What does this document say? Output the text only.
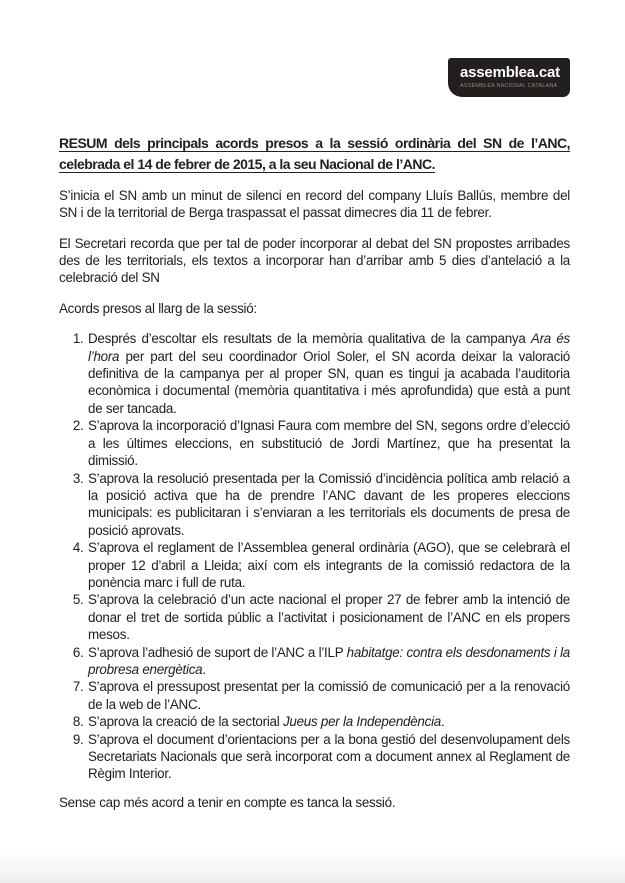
assemblea.cat
ASSEMBLEA NACIONAL CATALANA
RESUM dels principals acords presos a la sessió ordinària del SN de l’ANC, celebrada el 14 de febrer de 2015, a la seu Nacional de l’ANC.

S’inicia el SN amb un minut de silenci en record del company Lluís Ballús, membre del SN i de la territorial de Berga traspassat el passat dimecres dia 11 de febrer.

El Secretari recorda que per tal de poder incorporar al debat del SN propostes arribades des de les territorials, els textos a incorporar han d’arribar amb 5 dies d’antelació a la celebració del SN

Acords presos al llarg de la sessió:

1. Després d’escoltar els resultats de la memòria qualitativa de la campanya Ara és l’hora per part del seu coordinador Oriol Soler, el SN acorda deixar la valoració definitiva de la campanya per al proper SN, quan es tingui ja acabada l’auditoria econòmica i documental (memòria quantitativa i més aprofundida) que està a punt de ser tancada.
2. S’aprova la incorporació d’Ignasi Faura com membre del SN, segons ordre d’elecció a les últimes eleccions, en substitució de Jordi Martínez, que ha presentat la dimissió.
3. S’aprova la resolució presentada per la Comissió d’incidència política amb relació a la posició activa que ha de prendre l’ANC davant de les properes eleccions municipals: es publicitaran i s’enviaran a les territorials els documents de presa de posició aprovats.
4. S’aprova el reglament de l’Assemblea general ordinària (AGO), que se celebrarà el proper 12 d’abril a Lleida; així com els integrants de la comissió redactora de la ponència marc i full de ruta.
5. S’aprova la celebració d’un acte nacional el proper 27 de febrer amb la intenció de donar el tret de sortida públic a l’activitat i posicionament de l’ANC en els propers mesos.
6. S’aprova l’adhesió de suport de l’ANC a l’ILP habitatge: contra els desdonaments i la probresa energètica.
7. S’aprova el pressupost presentat per la comissió de comunicació per a la renovació de la web de l’ANC.
8. S’aprova la creació de la sectorial Jueus per la Independència.
9. S’aprova el document d’orientacions per a la bona gestió del desenvolupament dels Secretariats Nacionals que serà incorporat com a document annex al Reglament de Règim Interior.

Sense cap més acord a tenir en compte es tanca la sessió.
